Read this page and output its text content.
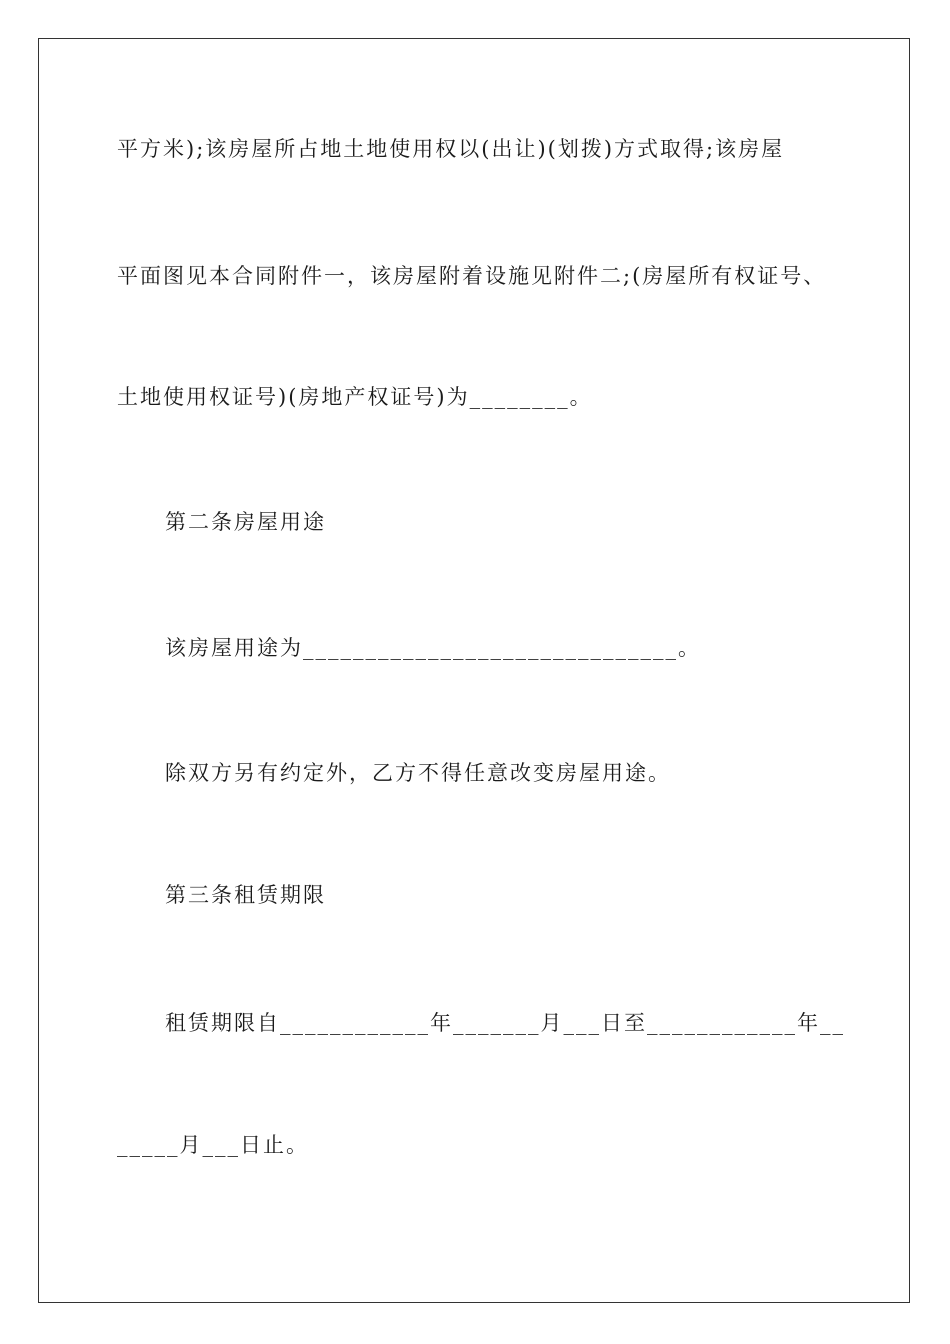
平方米);该房屋所占地土地使用权以(出让)(划拨)方式取得;该房屋
平面图见本合同附件一，该房屋附着设施见附件二;(房屋所有权证号、
土地使用权证号)(房地产权证号)为________。
第二条房屋用途
该房屋用途为______________________________。
除双方另有约定外，乙方不得任意改变房屋用途。
第三条租赁期限
租赁期限自____________年_______月___日至____________年__
_____月___日止。
